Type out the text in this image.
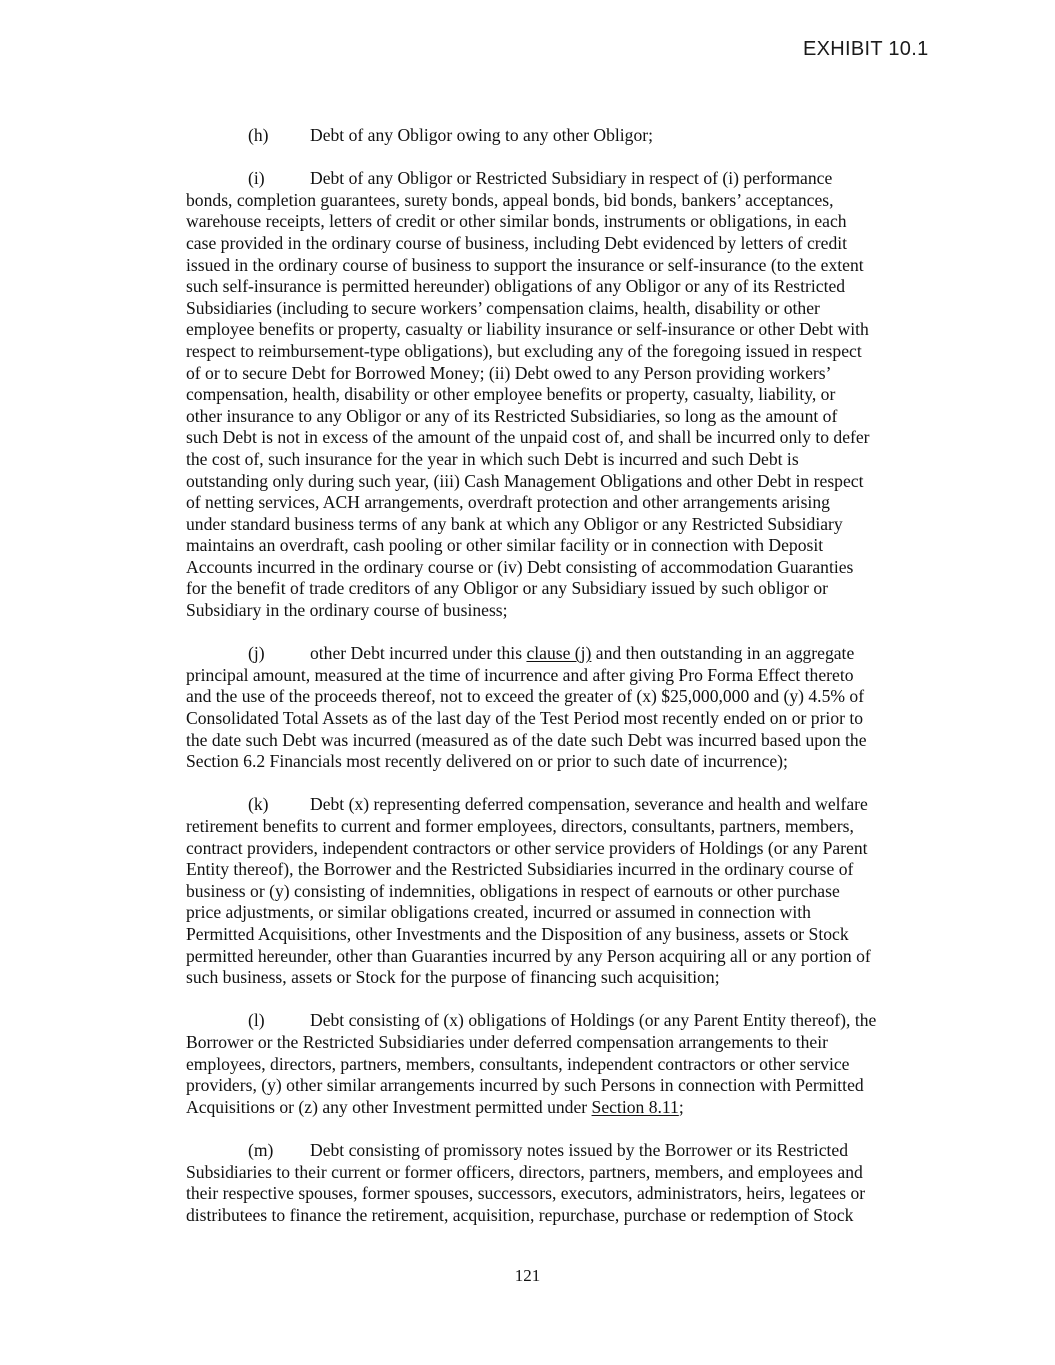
EXHIBIT 10.1
(h) Debt of any Obligor owing to any other Obligor;
(i)	Debt of any Obligor or Restricted Subsidiary in respect of (i) performance
bonds, completion guarantees, surety bonds, appeal bonds, bid bonds, bankers’ acceptances,
warehouse receipts, letters of credit or other similar bonds, instruments or obligations, in each
case provided in the ordinary course of business, including Debt evidenced by letters of credit
issued in the ordinary course of business to support the insurance or self-insurance (to the extent
such self-insurance is permitted hereunder) obligations of any Obligor or any of its Restricted
Subsidiaries (including to secure workers’ compensation claims, health, disability or other
employee benefits or property, casualty or liability insurance or self-insurance or other Debt with
respect to reimbursement-type obligations), but excluding any of the foregoing issued in respect
of or to secure Debt for Borrowed Money; (ii) Debt owed to any Person providing workers’
compensation, health, disability or other employee benefits or property, casualty, liability, or
other insurance to any Obligor or any of its Restricted Subsidiaries, so long as the amount of
such Debt is not in excess of the amount of the unpaid cost of, and shall be incurred only to defer
the cost of, such insurance for the year in which such Debt is incurred and such Debt is
outstanding only during such year, (iii) Cash Management Obligations and other Debt in respect
of netting services, ACH arrangements, overdraft protection and other arrangements arising
under standard business terms of any bank at which any Obligor or any Restricted Subsidiary
maintains an overdraft, cash pooling or other similar facility or in connection with Deposit
Accounts incurred in the ordinary course or (iv) Debt consisting of accommodation Guaranties
for the benefit of trade creditors of any Obligor or any Subsidiary issued by such obligor or
Subsidiary in the ordinary course of business;
(j)	other Debt incurred under this clause (j) and then outstanding in an aggregate
principal amount, measured at the time of incurrence and after giving Pro Forma Effect thereto
and the use of the proceeds thereof, not to exceed the greater of (x) $25,000,000 and (y) 4.5% of
Consolidated Total Assets as of the last day of the Test Period most recently ended on or prior to
the date such Debt was incurred (measured as of the date such Debt was incurred based upon the
Section 6.2 Financials most recently delivered on or prior to such date of incurrence);
(k) Debt (x) representing deferred compensation, severance and health and welfare
retirement benefits to current and former employees, directors, consultants, partners, members,
contract providers, independent contractors or other service providers of Holdings (or any Parent
Entity thereof), the Borrower and the Restricted Subsidiaries incurred in the ordinary course of
business or (y) consisting of indemnities, obligations in respect of earnouts or other purchase
price adjustments, or similar obligations created, incurred or assumed in connection with
Permitted Acquisitions, other Investments and the Disposition of any business, assets or Stock
permitted hereunder, other than Guaranties incurred by any Person acquiring all or any portion of
such business, assets or Stock for the purpose of financing such acquisition;
(l)	Debt consisting of (x) obligations of Holdings (or any Parent Entity thereof), the
Borrower or the Restricted Subsidiaries under deferred compensation arrangements to their
employees, directors, partners, members, consultants, independent contractors or other service
providers, (y) other similar arrangements incurred by such Persons in connection with Permitted
Acquisitions or (z) any other Investment permitted under Section 8.11;
(m) Debt consisting of promissory notes issued by the Borrower or its Restricted
Subsidiaries to their current or former officers, directors, partners, members, and employees and
their respective spouses, former spouses, successors, executors, administrators, heirs, legatees or
distributees to finance the retirement, acquisition, repurchase, purchase or redemption of Stock
121
